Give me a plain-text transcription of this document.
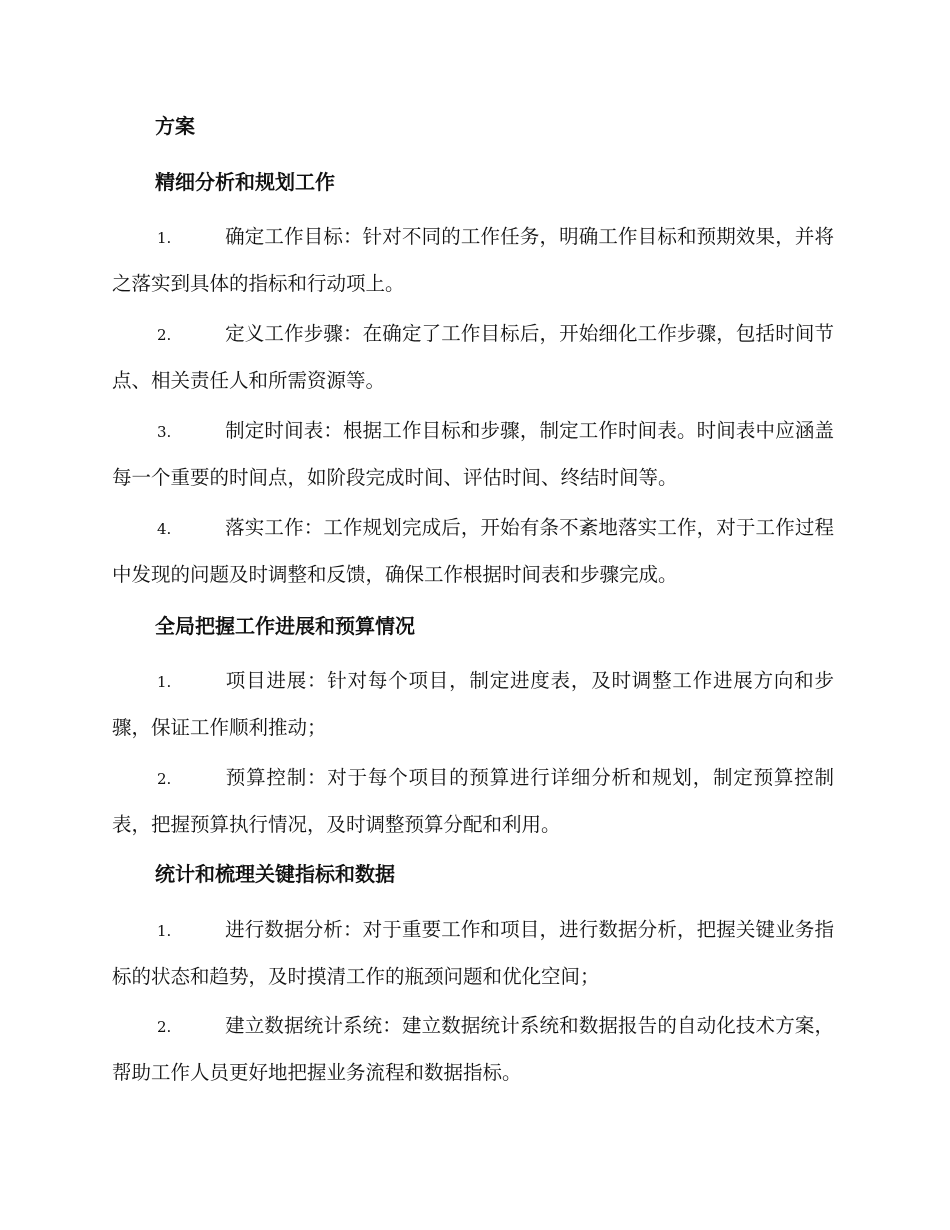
方案
精细分析和规划工作

1.	确定工作目标：针对不同的工作任务，明确工作目标和预期效果，并将之落实到具体的指标和行动项上。

2.	定义工作步骤：在确定了工作目标后，开始细化工作步骤，包括时间节点、相关责任人和所需资源等。

3.	制定时间表：根据工作目标和步骤，制定工作时间表。时间表中应涵盖每一个重要的时间点，如阶段完成时间、评估时间、终结时间等。

4.	落实工作：工作规划完成后，开始有条不紊地落实工作，对于工作过程中发现的问题及时调整和反馈，确保工作根据时间表和步骤完成。

全局把握工作进展和预算情况

1.	项目进展：针对每个项目，制定进度表，及时调整工作进展方向和步骤，保证工作顺利推动；

2.	预算控制：对于每个项目的预算进行详细分析和规划，制定预算控制表，把握预算执行情况，及时调整预算分配和利用。

统计和梳理关键指标和数据

1.	进行数据分析：对于重要工作和项目，进行数据分析，把握关键业务指标的状态和趋势，及时摸清工作的瓶颈问题和优化空间；

2.	建立数据统计系统：建立数据统计系统和数据报告的自动化技术方案，帮助工作人员更好地把握业务流程和数据指标。
